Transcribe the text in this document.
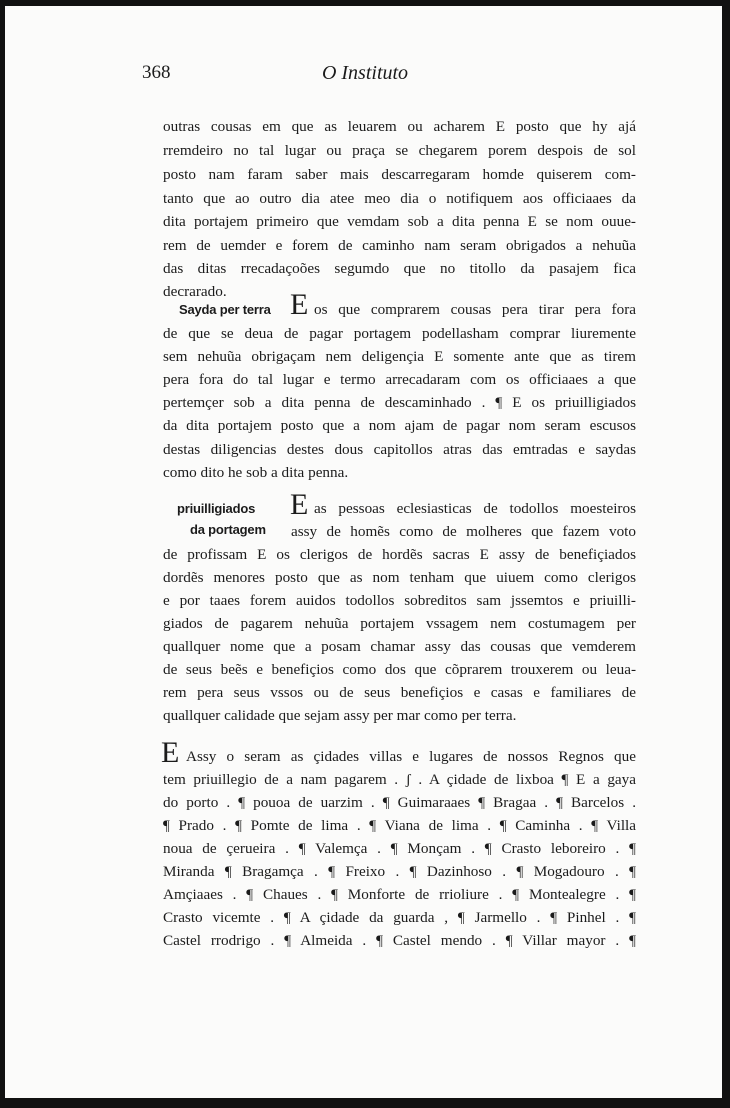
O Instituto
368
outras cousas em que as leuarem ou acharem E posto que hy ajá
rremdeiro no tal lugar ou praça se chegarem porem despois de sol
posto nam faram saber mais descarregaram homde quiserem com-
tanto que ao outro dia atee meo dia o notifiquem aos officiaaes da
dita portajem primeiro que vemdam sob a dita penna E se nom ouue-
rem de uemder e forem de caminho nam seram obrigados a nehuũa
das ditas rrecadaçoões segumdo que no titollo da pasajem fica
decrarado.
Sayda per terra E os que comprarem cousas pera tirar pera fora
de que se deua de pagar portagem podellasham comprar liuremente
sem nehuũa obrigaçam nem deligençia E somente ante que as tirem
pera fora do tal lugar e termo arrecadaram com os officiaaes a que
pertemçer sob a dita penna de descaminhado . ¶ E os priuilligiados
da dita portajem posto que a nom ajam de pagar nom seram escusos
destas diligencias destes dous capitollos atras das emtradas e saydas
como dito he sob a dita penna.
priuilligiados
da portagem
E as pessoas eclesiasticas de todollos moesteiros
assy de homẽs como de molheres que fazem voto
de profissam E os clerigos de hordẽs sacras E assy de benefiçiados
dordẽs menores posto que as nom tenham que uiuem como clerigos
e por taaes forem auidos todollos sobreditos sam jssemtos e priuilli-
giados de pagarem nehuũa portajem vssagem nem costumagem per
quallquer nome que a posam chamar assy das cousas que vemderem
de seus beẽs e benefiçios como dos que cõprarem trouxerem ou leua-
rem pera seus vssos ou de seus benefiçios e casas e familiares de
quallquer calidade que sejam assy per mar como per terra.
E Assy o seram as çidades villas e lugares de nossos Regnos que
tem priuillegio de a nam pagarem . ʃ . A çidade de lixboa ¶ E a gaya
do porto . ¶ pouoa de uarzim . ¶ Guimaraaes ¶ Bragaa . ¶ Barcelos .
¶ Prado . ¶ Pomte de lima . ¶ Viana de lima . ¶ Caminha . ¶ Villa
noua de çerueira . ¶ Valemça . ¶ Monçam . ¶ Crasto leboreiro . ¶
Miranda ¶ Bragamça . ¶ Freixo . ¶ Dazinhoso . ¶ Mogadouro . ¶
Amçiaaes . ¶ Chaues . ¶ Monforte de rrioliure . ¶ Montealegre . ¶
Crasto vicemte . ¶ A çidade da guarda , ¶ Jarmello . ¶ Pinhel . ¶
Castel rrodrigo . ¶ Almeida . ¶ Castel mendo . ¶ Villar mayor . ¶
